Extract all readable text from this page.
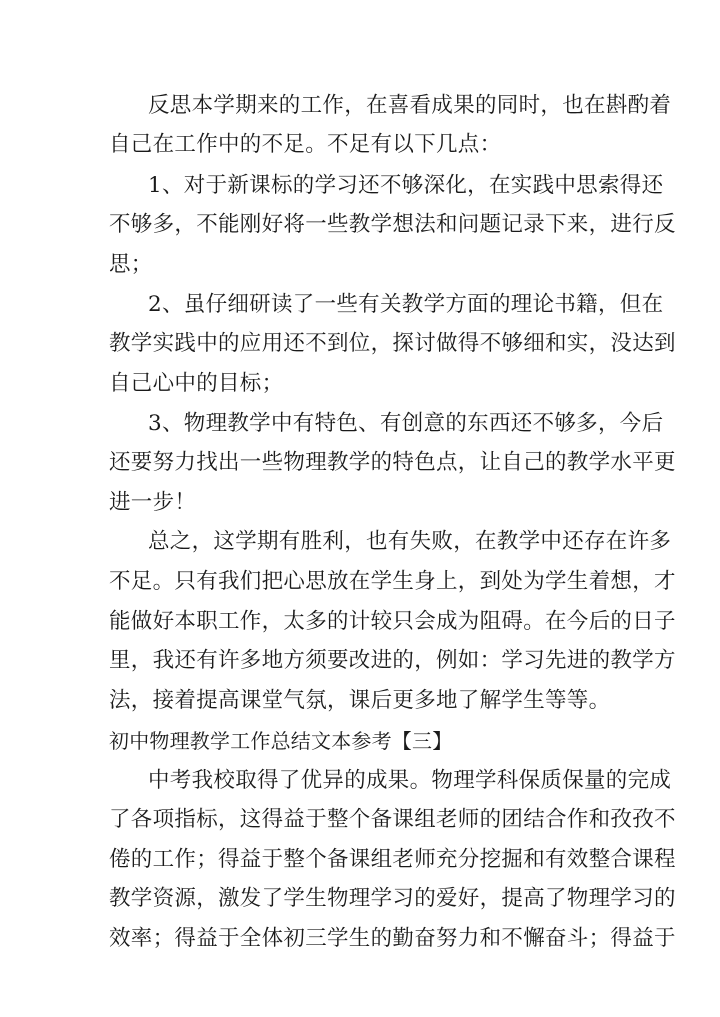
反思本学期来的工作，在喜看成果的同时，也在斟酌着
自己在工作中的不足。不足有以下几点：
1、对于新课标的学习还不够深化，在实践中思索得还
不够多，不能刚好将一些教学想法和问题记录下来，进行反
思；
2、虽仔细研读了一些有关教学方面的理论书籍，但在
教学实践中的应用还不到位，探讨做得不够细和实，没达到
自己心中的目标；
3、物理教学中有特色、有创意的东西还不够多，今后
还要努力找出一些物理教学的特色点，让自己的教学水平更
进一步！
总之，这学期有胜利，也有失败，在教学中还存在许多
不足。只有我们把心思放在学生身上，到处为学生着想，才
能做好本职工作，太多的计较只会成为阻碍。在今后的日子
里，我还有许多地方须要改进的，例如：学习先进的教学方
法，接着提高课堂气氛，课后更多地了解学生等等。
初中物理教学工作总结文本参考【三】
中考我校取得了优异的成果。物理学科保质保量的完成
了各项指标，这得益于整个备课组老师的团结合作和孜孜不
倦的工作；得益于整个备课组老师充分挖掘和有效整合课程
教学资源，激发了学生物理学习的爱好，提高了物理学习的
效率；得益于全体初三学生的勤奋努力和不懈奋斗；得益于
